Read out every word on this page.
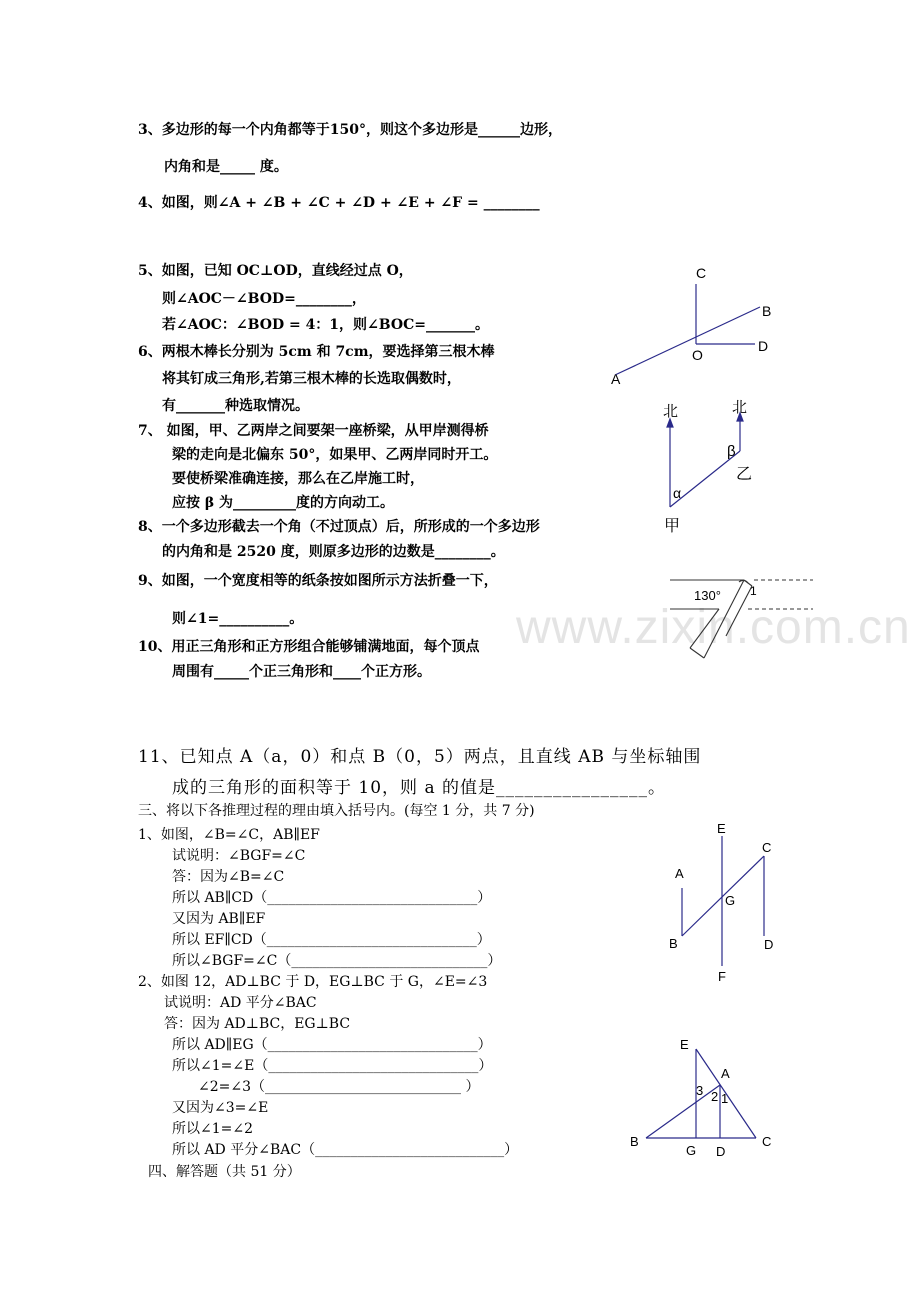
www.zixin.com.cn
3、多边形的每一个内角都等于150°，则这个多边形是______边形，
内角和是_____ 度。
4、如图，则∠A + ∠B + ∠C + ∠D + ∠E + ∠F = ________
5、如图，已知 OC⊥OD，直线经过点 O，
则∠AOC－∠BOD=________，
若∠AOC：∠BOD = 4：1，则∠BOC=_______。
6、两根木棒长分别为 5cm 和 7cm，要选择第三根木棒
将其钉成三角形,若第三根木棒的长选取偶数时，
有_______种选取情况。
7、 如图，甲、乙两岸之间要架一座桥梁，从甲岸测得桥
梁的走向是北偏东 50°，如果甲、乙两岸同时开工。
要使桥梁准确连接，那么在乙岸施工时，
应按 β 为_________度的方向动工。
8、一个多边形截去一个角（不过顶点）后，所形成的一个多边形
的内角和是 2520 度，则原多边形的边数是________。
9、如图，一个宽度相等的纸条按如图所示方法折叠一下，
则∠1=__________。
10、用正三角形和正方形组合能够铺满地面，每个顶点
周围有_____个正三角形和____个正方形。
11、已知点 A（a，0）和点 B（0，5）两点，且直线 AB 与坐标轴围
成的三角形的面积等于 10，则 a 的值是________________。
三、将以下各推理过程的理由填入括号内。(每空 1 分，共 7 分)
1、如图，∠B=∠C，AB∥EF
试说明：∠BGF=∠C
答：因为∠B=∠C
所以 AB∥CD（______________________________）
又因为 AB∥EF
所以 EF∥CD（______________________________）
所以∠BGF=∠C（____________________________）
2、如图 12，AD⊥BC 于 D，EG⊥BC 于 G，∠E=∠3
试说明：AD 平分∠BAC
答：因为 AD⊥BC，EG⊥BC
所以 AD∥EG（______________________________）
所以∠1=∠E（______________________________）
∠2=∠3（____________________________ ）
又因为∠3=∠E
所以∠1=∠2
所以 AD 平分∠BAC（___________________________）
四、解答题（共 51 分）
C
B
O
D
A
北	北
β
乙
α
甲
130° 1
E
C
A
G
B	D
F
E
A
3 2 1
B
G D
C
